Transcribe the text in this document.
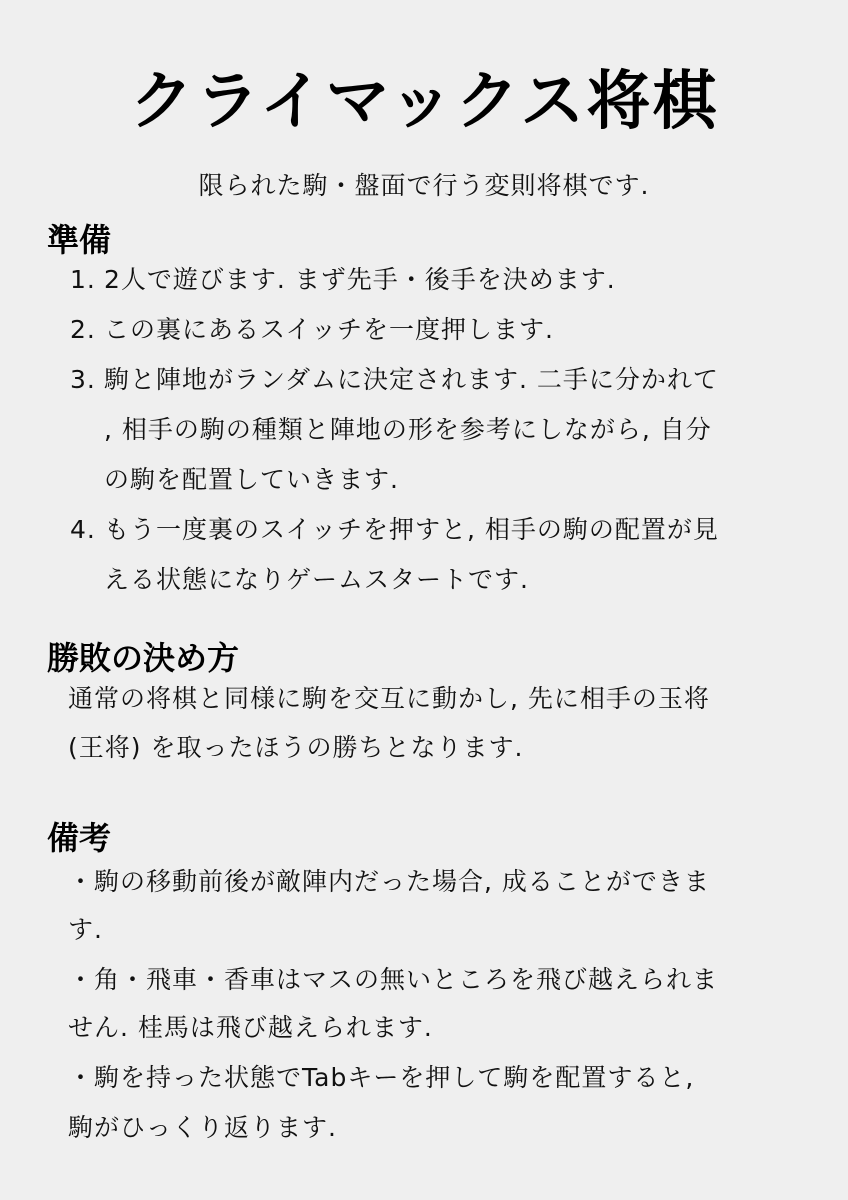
クライマックス将棋
限られた駒・盤面で行う変則将棋です.
準備
1. 2人で遊びます. まず先手・後手を決めます.
2. この裏にあるスイッチを一度押します.
3. 駒と陣地がランダムに決定されます. 二手に分かれて
, 相手の駒の種類と陣地の形を参考にしながら, 自分
の駒を配置していきます.
4. もう一度裏のスイッチを押すと, 相手の駒の配置が見
える状態になりゲームスタートです.
勝敗の決め方
通常の将棋と同様に駒を交互に動かし, 先に相手の玉将
(王将) を取ったほうの勝ちとなります.
備考
・駒の移動前後が敵陣内だった場合, 成ることができま
す.
・角・飛車・香車はマスの無いところを飛び越えられま
せん. 桂馬は飛び越えられます.
・駒を持った状態でTabキーを押して駒を配置すると,
駒がひっくり返ります.
